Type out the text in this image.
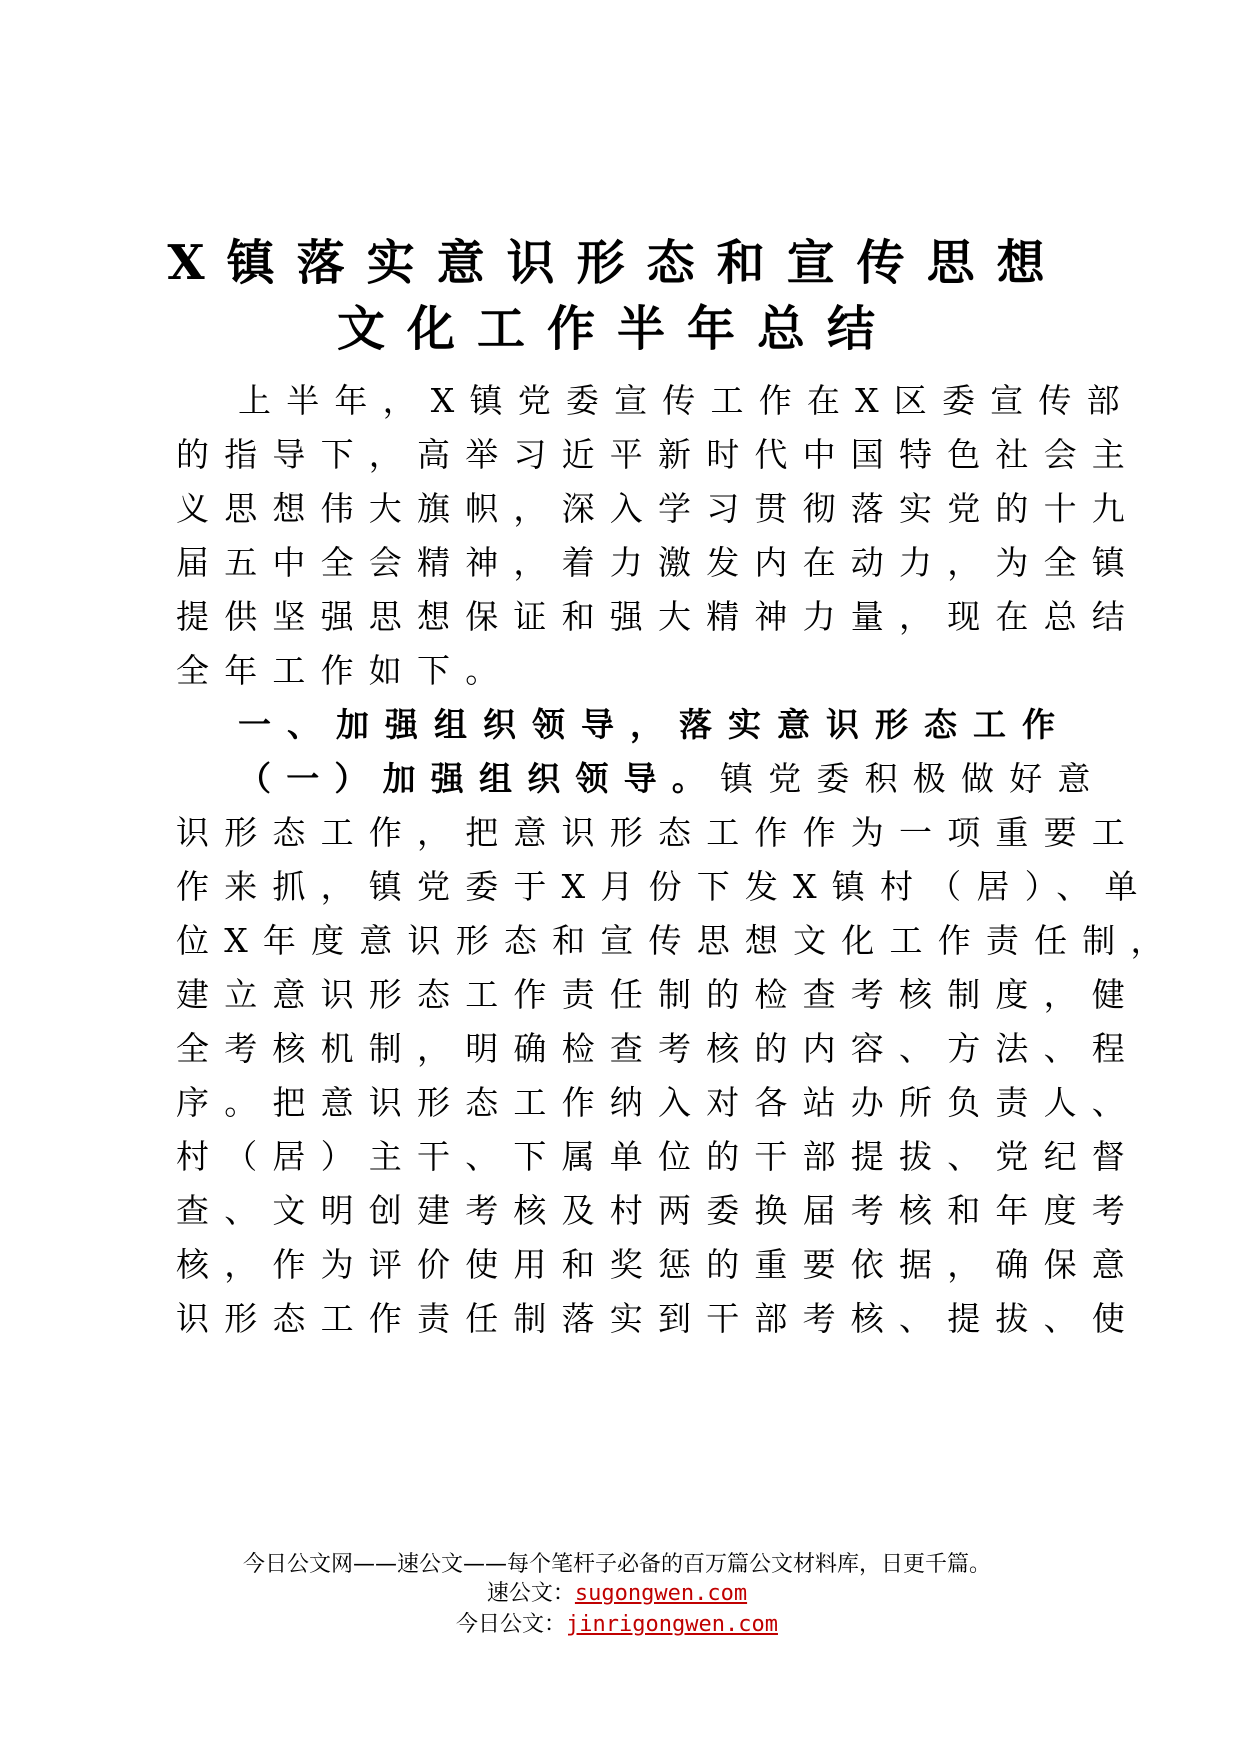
X镇落实意识形态和宣传思想
文化工作半年总结

上半年，X镇党委宣传工作在X区委宣传部

的指导下，高举习近平新时代中国特色社会主

义思想伟大旗帜，深入学习贯彻落实党的十九

届五中全会精神，着力激发内在动力，为全镇

提供坚强思想保证和强大精神力量，现在总结

全年工作如下。

一、加强组织领导，落实意识形态工作

（一）加强组织领导。镇党委积极做好意

识形态工作，把意识形态工作作为一项重要工

作来抓，镇党委于X月份下发X镇村（居）、单

位X年度意识形态和宣传思想文化工作责任制，

建立意识形态工作责任制的检查考核制度，健

全考核机制，明确检查考核的内容、方法、程

序。把意识形态工作纳入对各站办所负责人、

村（居）主干、下属单位的干部提拔、党纪督

查、文明创建考核及村两委换届考核和年度考

核，作为评价使用和奖惩的重要依据，确保意

识形态工作责任制落实到干部考核、提拔、使

今日公文网——速公文——每个笔杆子必备的百万篇公文材料库，日更千篇。

速公文：sugongwen.com

今日公文：jinrigongwen.com
